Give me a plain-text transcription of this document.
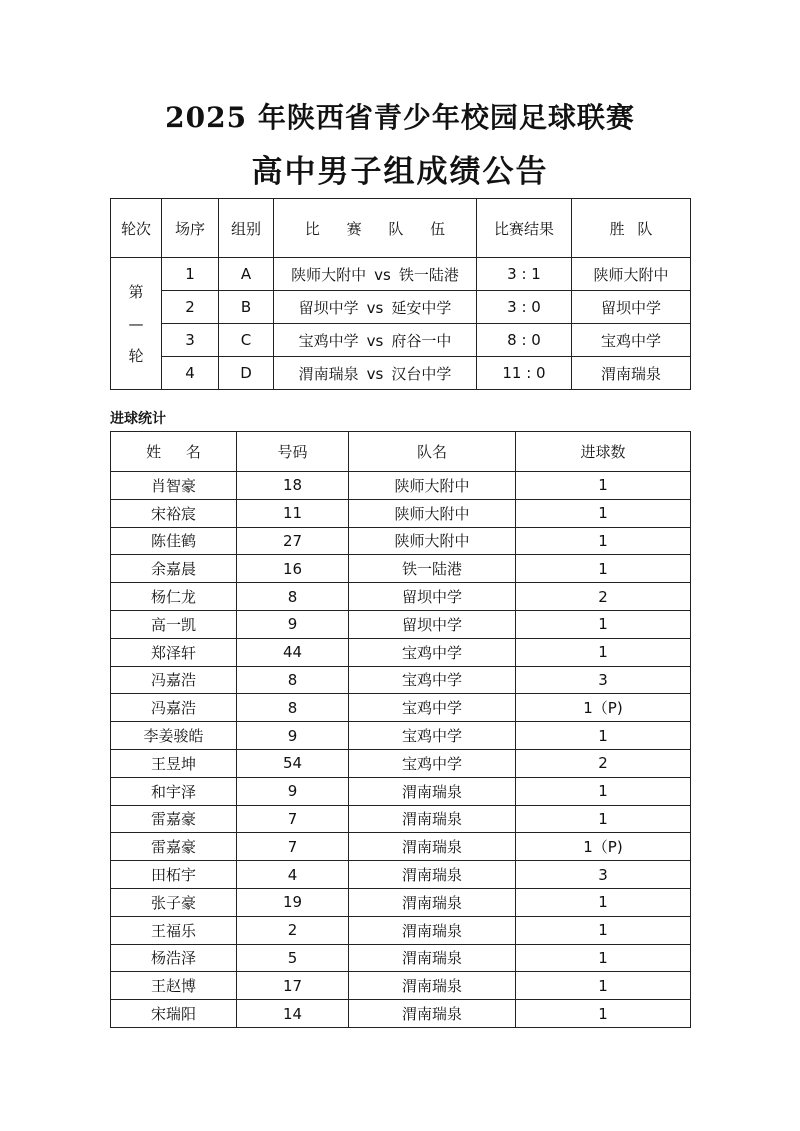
2025 年陕西省青少年校园足球联赛
高中男子组成绩公告
轮次	场序	组别	比 赛 队 伍	比赛结果	胜 队

第
—
轮	1	A	陕师大附中 vs 铁一陆港	3 : 1	陕师大附中
	2	B	留坝中学 vs 延安中学	3 : 0	留坝中学
	3	C	宝鸡中学 vs 府谷一中	8 : 0	宝鸡中学
	4	D	渭南瑞泉 vs 汉台中学	11 : 0	渭南瑞泉
进球统计
姓 名	号码	队名	进球数
肖智豪	18	陕师大附中	1
宋裕宸	11	陕师大附中	1
陈佳鹤	27	陕师大附中	1
余嘉晨	16	铁一陆港	1
杨仁龙	8	留坝中学	2
高一凯	9	留坝中学	1
郑泽轩	44	宝鸡中学	1
冯嘉浩	8	宝鸡中学	3
冯嘉浩	8	宝鸡中学	1（P)
李姜骏皓	9	宝鸡中学	1
王昱坤	54	宝鸡中学	2
和宇泽	9	渭南瑞泉	1
雷嘉豪	7	渭南瑞泉	1
雷嘉豪	7	渭南瑞泉	1（P)
田柘宇	4	渭南瑞泉	3
张子豪	19	渭南瑞泉	1
王福乐	2	渭南瑞泉	1
杨浩泽	5	渭南瑞泉	1
王赵博	17	渭南瑞泉	1
宋瑞阳	14	渭南瑞泉	1
